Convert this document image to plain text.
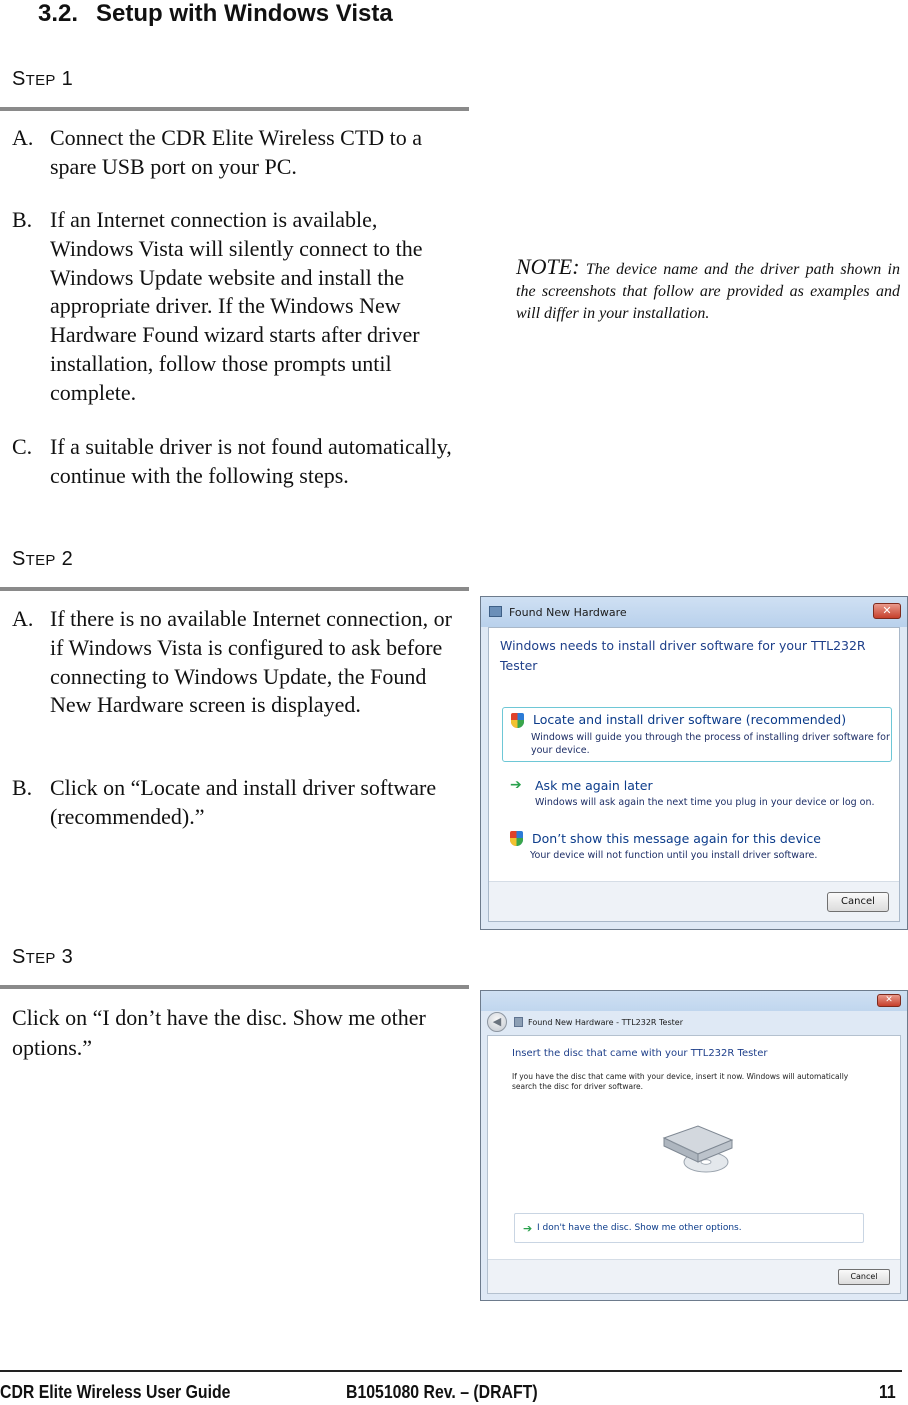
3.2. Setup with Windows Vista
STEP 1
A. Connect the CDR Elite Wireless CTD to a spare USB port on your PC.
B. If an Internet connection is available, Windows Vista will silently connect to the Windows Update website and install the appropriate driver. If the Windows New Hardware Found wizard starts after driver installation, follow those prompts until complete.
C. If a suitable driver is not found automatically, continue with the following steps.
NOTE: The device name and the driver path shown in the screenshots that follow are provided as examples and will differ in your installation.
STEP 2
A. If there is no available Internet connection, or if Windows Vista is configured to ask before connecting to Windows Update, the Found New Hardware screen is displayed.
B. Click on “Locate and install driver software (recommended).”
Found New Hardware	✕
Windows needs to install driver software for your TTL232R Tester
Locate and install driver software (recommended)
Windows will guide you through the process of installing driver software for your device.
➔ Ask me again later
Windows will ask again the next time you plug in your device or log on.
Don’t show this message again for this device
Your device will not function until you install driver software.
Cancel
STEP 3
Click on “I don’t have the disc. Show me other options.”
✕
◀	Found New Hardware - TTL232R Tester
Insert the disc that came with your TTL232R Tester
If you have the disc that came with your device, insert it now. Windows will automatically search the disc for driver software.
➔ I don't have the disc. Show me other options.
Cancel
CDR Elite Wireless User Guide	B1051080 Rev. – (DRAFT)	11
